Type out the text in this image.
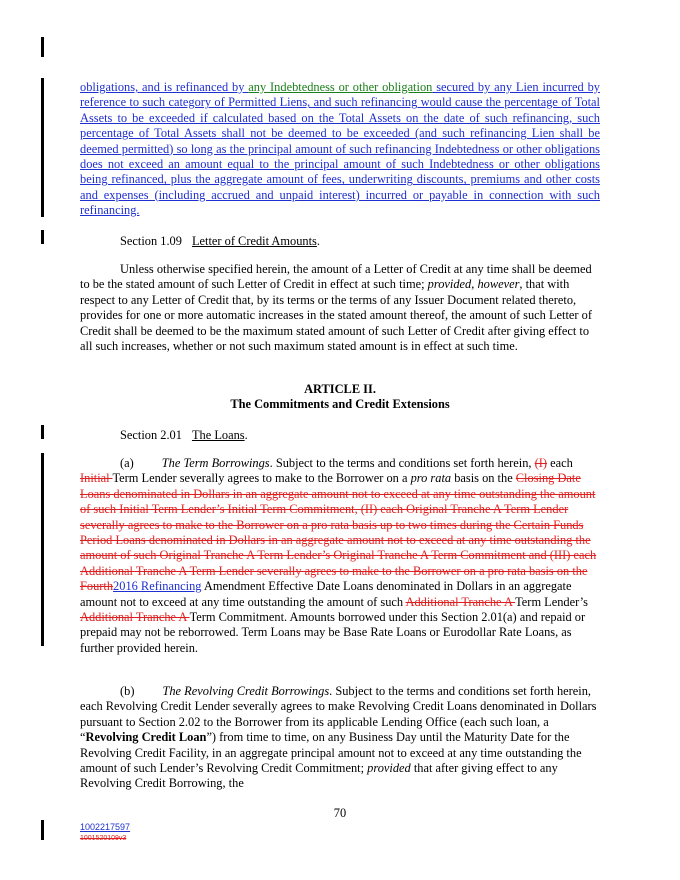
obligations, and is refinanced by any Indebtedness or other obligation secured by any Lien incurred by reference to such category of Permitted Liens, and such refinancing would cause the percentage of Total Assets to be exceeded if calculated based on the Total Assets on the date of such refinancing, such percentage of Total Assets shall not be deemed to be exceeded (and such refinancing Lien shall be deemed permitted) so long as the principal amount of such refinancing Indebtedness or other obligations does not exceed an amount equal to the principal amount of such Indebtedness or other obligations being refinanced, plus the aggregate amount of fees, underwriting discounts, premiums and other costs and expenses (including accrued and unpaid interest) incurred or payable in connection with such refinancing.

Section 1.09 Letter of Credit Amounts.

Unless otherwise specified herein, the amount of a Letter of Credit at any time shall be deemed to be the stated amount of such Letter of Credit in effect at such time; provided, however, that with respect to any Letter of Credit that, by its terms or the terms of any Issuer Document related thereto, provides for one or more automatic increases in the stated amount thereof, the amount of such Letter of Credit shall be deemed to be the maximum stated amount of such Letter of Credit after giving effect to all such increases, whether or not such maximum stated amount is in effect at such time.

ARTICLE II.
The Commitments and Credit Extensions
Section 2.01 The Loans.

(a) The Term Borrowings. Subject to the terms and conditions set forth herein, (I) each Initial Term Lender severally agrees to make to the Borrower on a pro rata basis on the Closing Date Loans denominated in Dollars in an aggregate amount not to exceed at any time outstanding the amount of such Initial Term Lender’s Initial Term Commitment, (II) each Original Tranche A Term Lender severally agrees to make to the Borrower on a pro rata basis up to two times during the Certain Funds Period Loans denominated in Dollars in an aggregate amount not to exceed at any time outstanding the amount of such Original Tranche A Term Lender’s Original Tranche A Term Commitment and (III) each Additional Tranche A Term Lender severally agrees to make to the Borrower on a pro rata basis on the Fourth2016 Refinancing Amendment Effective Date Loans denominated in Dollars in an aggregate amount not to exceed at any time outstanding the amount of such Additional Tranche A Term Lender’s Additional Tranche A Term Commitment. Amounts borrowed under this Section 2.01(a) and repaid or prepaid may not be reborrowed. Term Loans may be Base Rate Loans or Eurodollar Rate Loans, as further provided herein.

(b) The Revolving Credit Borrowings. Subject to the terms and conditions set forth herein, each Revolving Credit Lender severally agrees to make Revolving Credit Loans denominated in Dollars pursuant to Section 2.02 to the Borrower from its applicable Lending Office (each such loan, a “Revolving Credit Loan”) from time to time, on any Business Day until the Maturity Date for the Revolving Credit Facility, in an aggregate principal amount not to exceed at any time outstanding the amount of such Lender’s Revolving Credit Commitment; provided that after giving effect to any Revolving Credit Borrowing, the

70
1002217597
1001520109v3
